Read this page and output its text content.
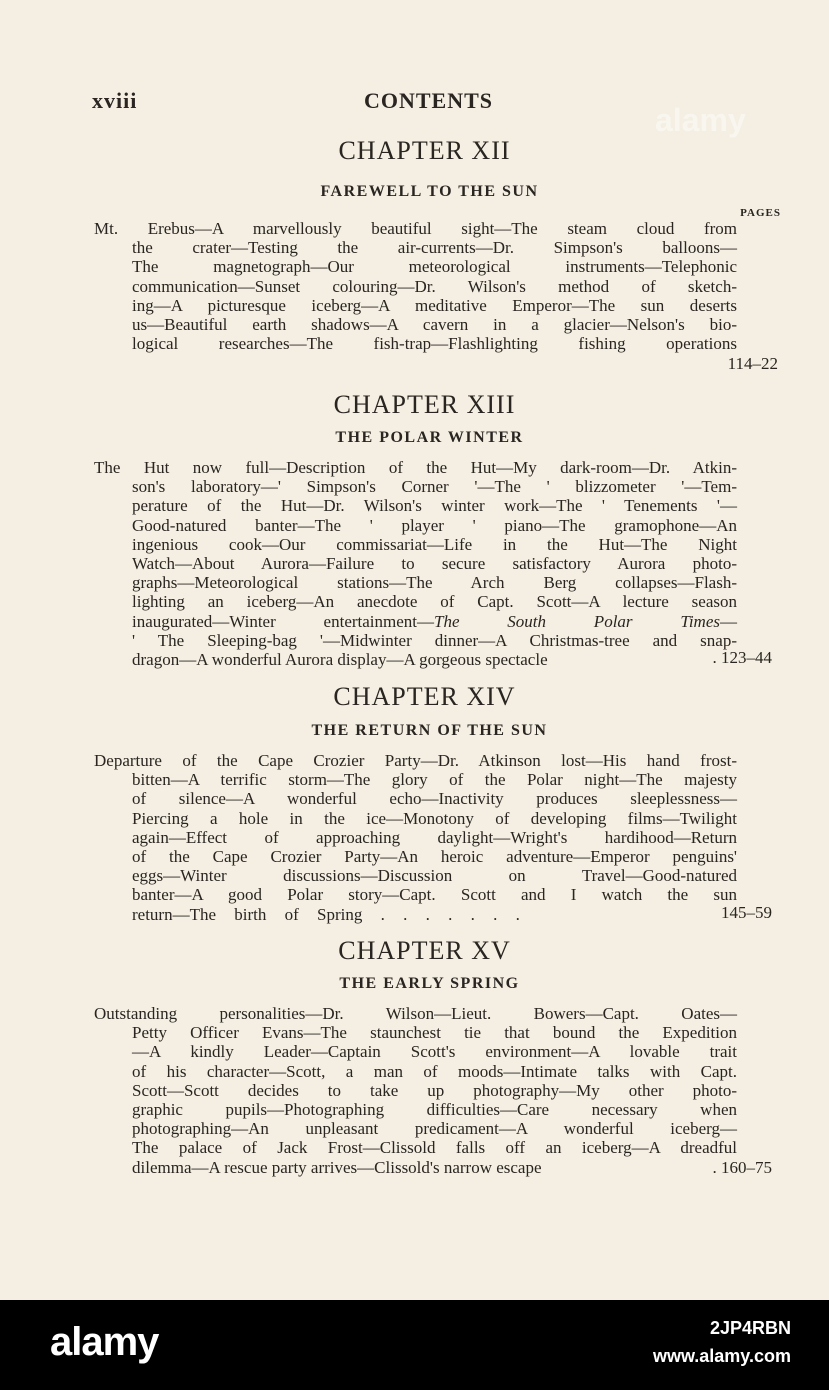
alamy
xviii	CONTENTS
CHAPTER XII
FAREWELL TO THE SUN
PAGES
Mt. Erebus—A marvellously beautiful sight—The steam cloud from
the crater—Testing the air-currents—Dr. Simpson's balloons—
The magnetograph—Our meteorological instruments—Telephonic
communication—Sunset colouring—Dr. Wilson's method of sketch-
ing—A picturesque iceberg—A meditative Emperor—The sun deserts
us—Beautiful earth shadows—A cavern in a glacier—Nelson's bio-
logical researches—The fish-trap—Flashlighting fishing operations
114–22
CHAPTER XIII
THE POLAR WINTER
The Hut now full—Description of the Hut—My dark-room—Dr. Atkin-
son's laboratory—' Simpson's Corner '—The ' blizzometer '—Tem-
perature of the Hut—Dr. Wilson's winter work—The ' Tenements '—
Good-natured banter—The ' player ' piano—The gramophone—An
ingenious cook—Our commissariat—Life in the Hut—The Night
Watch—About Aurora—Failure to secure satisfactory Aurora photo-
graphs—Meteorological stations—The Arch Berg collapses—Flash-
lighting an iceberg—An anecdote of Capt. Scott—A lecture season
inaugurated—Winter entertainment—The South Polar Times—
' The Sleeping-bag '—Midwinter dinner—A Christmas-tree and snap-
dragon—A wonderful Aurora display—A gorgeous spectacle	. 123–44
CHAPTER XIV
THE RETURN OF THE SUN
Departure of the Cape Crozier Party—Dr. Atkinson lost—His hand frost-
bitten—A terrific storm—The glory of the Polar night—The majesty
of silence—A wonderful echo—Inactivity produces sleeplessness—
Piercing a hole in the ice—Monotony of developing films—Twilight
again—Effect of approaching daylight—Wright's hardihood—Return
of the Cape Crozier Party—An heroic adventure—Emperor penguins'
eggs—Winter discussions—Discussion on Travel—Good-natured
banter—A good Polar story—Capt. Scott and I watch the sun
return—The birth of Spring . . . . . . .	145–59
CHAPTER XV
THE EARLY SPRING
Outstanding personalities—Dr. Wilson—Lieut. Bowers—Capt. Oates—
Petty Officer Evans—The staunchest tie that bound the Expedition
—A kindly Leader—Captain Scott's environment—A lovable trait
of his character—Scott, a man of moods—Intimate talks with Capt.
Scott—Scott decides to take up photography—My other photo-
graphic pupils—Photographing difficulties—Care necessary when
photographing—An unpleasant predicament—A wonderful iceberg—
The palace of Jack Frost—Clissold falls off an iceberg—A dreadful
dilemma—A rescue party arrives—Clissold's narrow escape	. 160–75
alamy	2JP4RBN
www.alamy.com
